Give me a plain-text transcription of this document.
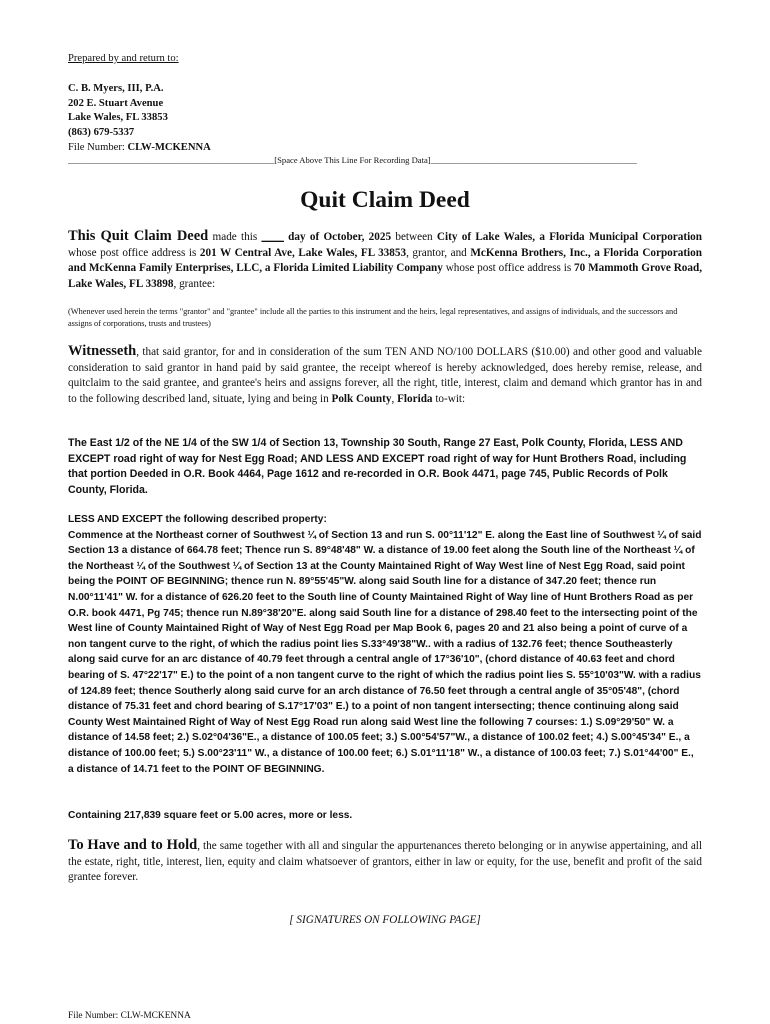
Prepared by and return to:
C. B. Myers, III, P.A.
202 E. Stuart Avenue
Lake Wales, FL 33853
(863) 679-5337
File Number: CLW-MCKENNA
________________________________________________[Space Above This Line For Recording Data]________________________________________________
Quit Claim Deed
This Quit Claim Deed made this ____ day of October, 2025 between City of Lake Wales, a Florida Municipal Corporation whose post office address is 201 W Central Ave, Lake Wales, FL 33853, grantor, and McKenna Brothers, Inc., a Florida Corporation and McKenna Family Enterprises, LLC, a Florida Limited Liability Company whose post office address is 70 Mammoth Grove Road, Lake Wales, FL 33898, grantee:
(Whenever used herein the terms "grantor" and "grantee" include all the parties to this instrument and the heirs, legal representatives, and assigns of individuals, and the successors and assigns of corporations, trusts and trustees)
Witnesseth, that said grantor, for and in consideration of the sum TEN AND NO/100 DOLLARS ($10.00) and other good and valuable consideration to said grantor in hand paid by said grantee, the receipt whereof is hereby acknowledged, does hereby remise, release, and quitclaim to the said grantee, and grantee's heirs and assigns forever, all the right, title, interest, claim and demand which grantor has in and to the following described land, situate, lying and being in Polk County, Florida to-wit:
The East 1/2 of the NE 1/4 of the SW 1/4 of Section 13, Township 30 South, Range 27 East, Polk County, Florida, LESS AND EXCEPT road right of way for Nest Egg Road; AND LESS AND EXCEPT road right of way for Hunt Brothers Road, including that portion Deeded in O.R. Book 4464, Page 1612 and re-recorded in O.R. Book 4471, page 745, Public Records of Polk County, Florida.
LESS AND EXCEPT the following described property:
Commence at the Northeast corner of Southwest ¼ of Section 13 and run S. 00°11'12" E. along the East line of Southwest ¼ of said Section 13 a distance of 664.78 feet; Thence run S. 89°48'48" W. a distance of 19.00 feet along the South line of the Northeast ¼ of the Northeast ¼ of the Southwest ¼ of Section 13 at the County Maintained Right of Way West line of Nest Egg Road, said point being the POINT OF BEGINNING; thence run N. 89°55'45"W. along said South line for a distance of 347.20 feet; thence run N.00°11'41" W. for a distance of 626.20 feet to the South line of County Maintained Right of Way line of Hunt Brothers Road as per O.R. book 4471, Pg 745; thence run N.89°38'20"E. along said South line for a distance of 298.40 feet to the intersecting point of the West line of County Maintained Right of Way of Nest Egg Road per Map Book 6, pages 20 and 21 also being a point of curve of a non tangent curve to the right, of which the radius point lies S.33°49'38"W.. with a radius of 132.76 feet; thence Southeasterly along said curve for an arc distance of 40.79 feet through a central angle of 17°36'10", (chord distance of 40.63 feet and chord bearing of S. 47°22'17" E.) to the point of a non tangent curve to the right of which the radius point lies S. 55°10'03"W. with a radius of 124.89 feet; thence Southerly along said curve for an arch distance of 76.50 feet through a central angle of 35°05'48", (chord distance of 75.31 feet and chord bearing of S.17°17'03" E.) to a point of non tangent intersecting; thence continuing along said County West Maintained Right of Way of Nest Egg Road run along said West line the following 7 courses: 1.) S.09°29'50" W. a distance of 14.58 feet; 2.) S.02°04'36"E., a distance of 100.05 feet; 3.) S.00°54'57"W., a distance of 100.02 feet; 4.) S.00°45'34" E., a distance of 100.00 feet; 5.) S.00°23'11" W., a distance of 100.00 feet; 6.) S.01°11'18" W., a distance of 100.03 feet; 7.) S.01°44'00" E., a distance of 14.71 feet to the POINT OF BEGINNING.
Containing 217,839 square feet or 5.00 acres, more or less.
To Have and to Hold, the same together with all and singular the appurtenances thereto belonging or in anywise appertaining, and all the estate, right, title, interest, lien, equity and claim whatsoever of grantors, either in law or equity, for the use, benefit and profit of the said grantee forever.
[ SIGNATURES ON FOLLOWING PAGE]
File Number: CLW-MCKENNA
